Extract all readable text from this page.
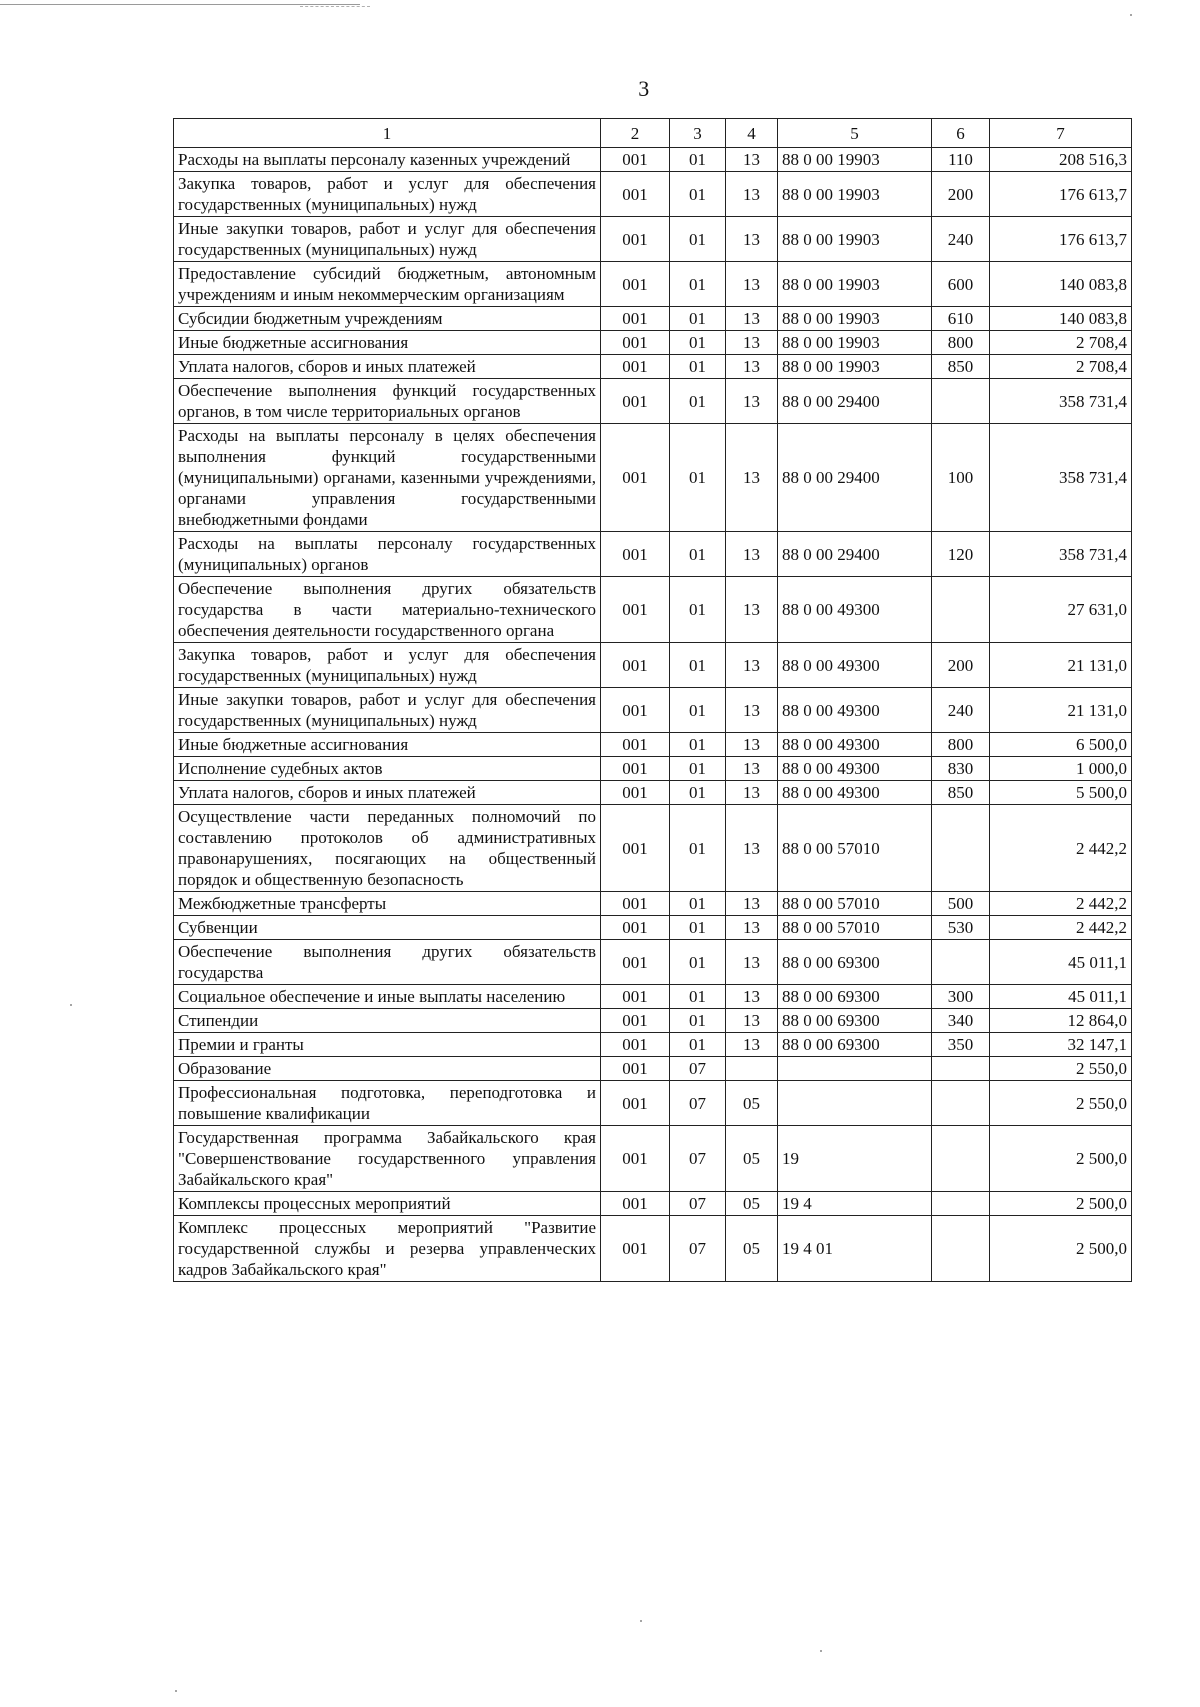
3
1	2	3	4	5	6	7
Расходы на выплаты персоналу казенных учреждений	001	01	13	88 0 00 19903	110	208 516,3
Закупка товаров, работ и услуг для обеспечения государственных (муниципальных) нужд	001	01	13	88 0 00 19903	200	176 613,7
Иные закупки товаров, работ и услуг для обеспечения государственных (муниципальных) нужд	001	01	13	88 0 00 19903	240	176 613,7
Предоставление субсидий бюджетным, автономным учреждениям и иным некоммерческим организациям	001	01	13	88 0 00 19903	600	140 083,8
Субсидии бюджетным учреждениям	001	01	13	88 0 00 19903	610	140 083,8
Иные бюджетные ассигнования	001	01	13	88 0 00 19903	800	2 708,4
Уплата налогов, сборов и иных платежей	001	01	13	88 0 00 19903	850	2 708,4
Обеспечение выполнения функций государственных органов, в том числе территориальных органов	001	01	13	88 0 00 29400		358 731,4
Расходы на выплаты персоналу в целях обеспечения выполнения функций государственными (муниципальными) органами, казенными учреждениями, органами управления государственными внебюджетными фондами	001	01	13	88 0 00 29400	100	358 731,4
Расходы на выплаты персоналу государственных (муниципальных) органов	001	01	13	88 0 00 29400	120	358 731,4
Обеспечение выполнения других обязательств государства в части материально-технического обеспечения деятельности государственного органа	001	01	13	88 0 00 49300		27 631,0
Закупка товаров, работ и услуг для обеспечения государственных (муниципальных) нужд	001	01	13	88 0 00 49300	200	21 131,0
Иные закупки товаров, работ и услуг для обеспечения государственных (муниципальных) нужд	001	01	13	88 0 00 49300	240	21 131,0
Иные бюджетные ассигнования	001	01	13	88 0 00 49300	800	6 500,0
Исполнение судебных актов	001	01	13	88 0 00 49300	830	1 000,0
Уплата налогов, сборов и иных платежей	001	01	13	88 0 00 49300	850	5 500,0
Осуществление части переданных полномочий по составлению протоколов об административных правонарушениях, посягающих на общественный порядок и общественную безопасность	001	01	13	88 0 00 57010		2 442,2
Межбюджетные трансферты	001	01	13	88 0 00 57010	500	2 442,2
Субвенции	001	01	13	88 0 00 57010	530	2 442,2
Обеспечение выполнения других обязательств государства	001	01	13	88 0 00 69300		45 011,1
Социальное обеспечение и иные выплаты населению	001	01	13	88 0 00 69300	300	45 011,1
Стипендии	001	01	13	88 0 00 69300	340	12 864,0
Премии и гранты	001	01	13	88 0 00 69300	350	32 147,1
Образование	001	07				2 550,0
Профессиональная подготовка, переподготовка и повышение квалификации	001	07	05			2 550,0
Государственная программа Забайкальского края "Совершенствование государственного управления Забайкальского края"	001	07	05	19		2 500,0
Комплексы процессных мероприятий	001	07	05	19 4		2 500,0
Комплекс процессных мероприятий "Развитие государственной службы и резерва управленческих кадров Забайкальского края"	001	07	05	19 4 01		2 500,0
